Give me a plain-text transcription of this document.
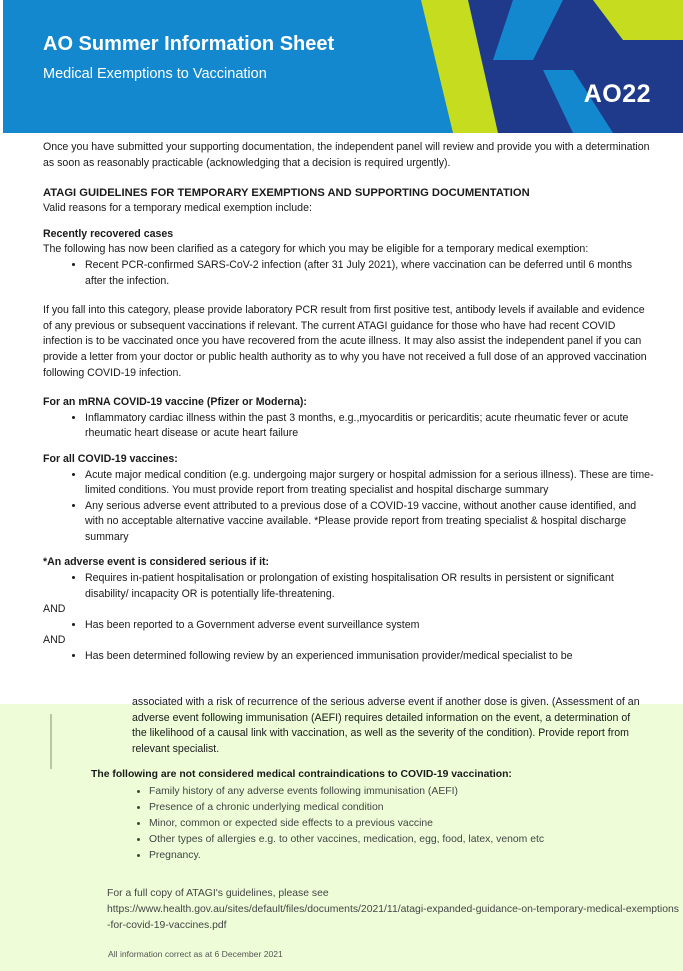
AO Summer Information Sheet

Medical Exemptions to Vaccination

AO22

Once you have submitted your supporting documentation, the independent panel will review and provide you with a determination as soon as reasonably practicable (acknowledging that a decision is required urgently).

ATAGI GUIDELINES FOR TEMPORARY EXEMPTIONS AND SUPPORTING DOCUMENTATION

Valid reasons for a temporary medical exemption include:

Recently recovered cases

The following has now been clarified as a category for which you may be eligible for a temporary medical exemption:

• Recent PCR-confirmed SARS-CoV-2 infection (after 31 July 2021), where vaccination can be deferred until 6 months after the infection.

If you fall into this category, please provide laboratory PCR result from first positive test, antibody levels if available and evidence of any previous or subsequent vaccinations if relevant. The current ATAGI guidance for those who have had recent COVID infection is to be vaccinated once you have recovered from the acute illness. It may also assist the independent panel if you can provide a letter from your doctor or public health authority as to why you have not received a full dose of an approved vaccination following COVID-19 infection.

For an mRNA COVID-19 vaccine (Pfizer or Moderna):
• Inflammatory cardiac illness within the past 3 months, e.g.,myocarditis or pericarditis; acute rheumatic fever or acute rheumatic heart disease or acute heart failure
For all COVID-19 vaccines:
• Acute major medical condition (e.g. undergoing major surgery or hospital admission for a serious illness). These are time-limited conditions. You must provide report from treating specialist and hospital discharge summary
• Any serious adverse event attributed to a previous dose of a COVID-19 vaccine, without another cause identified, and with no acceptable alternative vaccine available. *Please provide report from treating specialist & hospital discharge summary
*An adverse event is considered serious if it:
• Requires in-patient hospitalisation or prolongation of existing hospitalisation OR results in persistent or significant disability/ incapacity OR is potentially life-threatening.

AND

• Has been reported to a Government adverse event surveillance system

AND

• Has been determined following review by an experienced immunisation provider/medical specialist to be
associated with a risk of recurrence of the serious adverse event if another dose is given. (Assessment of an
adverse event following immunisation (AEFI) requires detailed information on the event, a determination of
the likelihood of a causal link with vaccination, as well as the severity of the condition). Provide report from
relevant specialist.

The following are not considered medical contraindications to COVID-19 vaccination:

• Family history of any adverse events following immunisation (AEFI)
• Presence of a chronic underlying medical condition
• Minor, common or expected side effects to a previous vaccine
• Other types of allergies e.g. to other vaccines, medication, egg, food, latex, venom etc
• Pregnancy.
For a full copy of ATAGI's guidelines, please see
https://www.health.gov.au/sites/default/files/documents/2021/11/atagi-expanded-guidance-on-temporary-medical-exemptions-for-covid-19-vaccines.pdf
All information correct as at 6 December 2021
